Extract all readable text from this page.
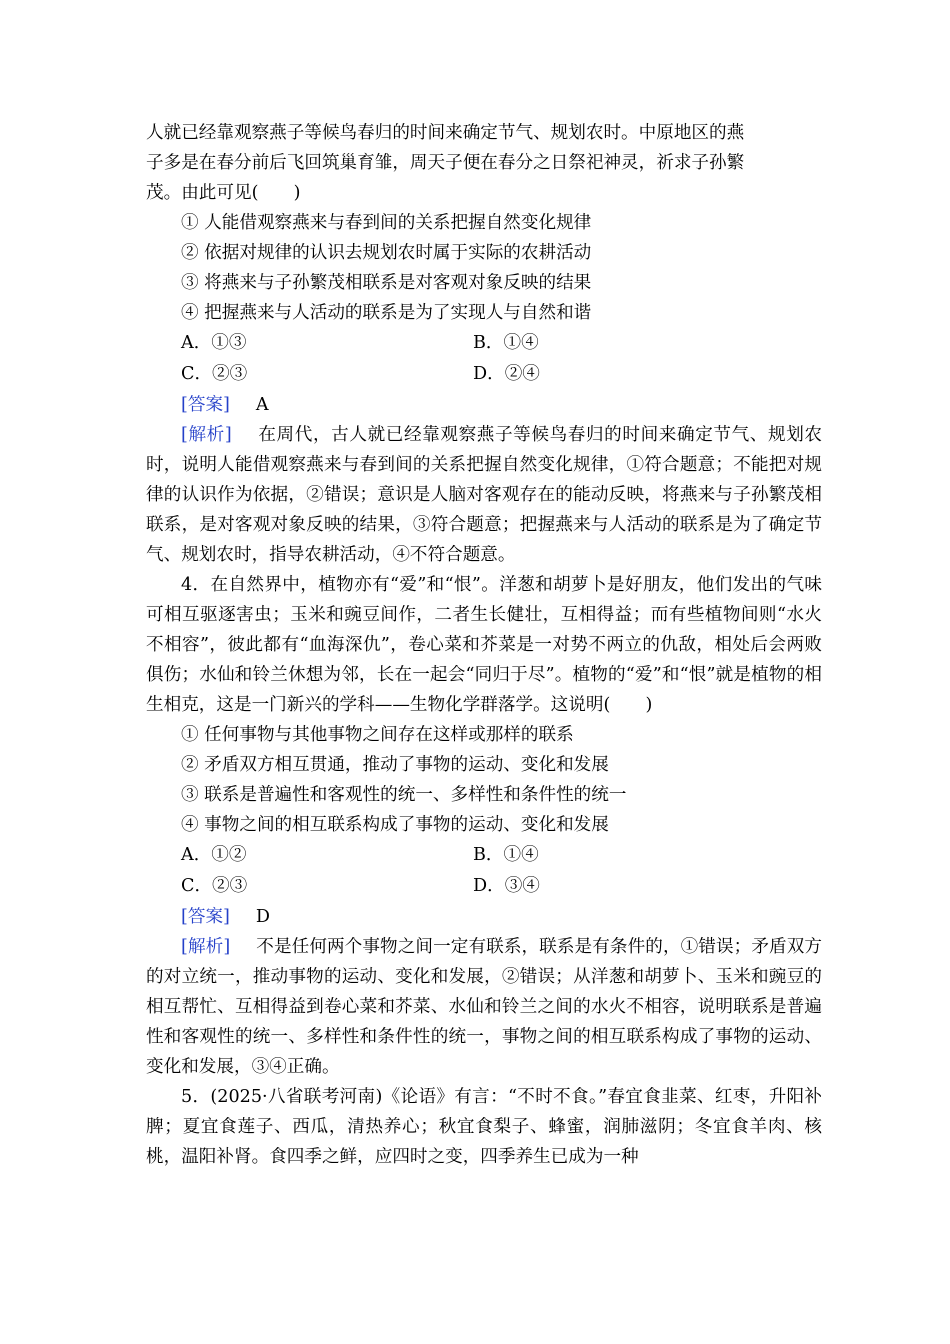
人就已经靠观察燕子等候鸟春归的时间来确定节气、规划农时。中原地区的燕

子多是在春分前后飞回筑巢育雏，周天子便在春分之日祭祀神灵，祈求子孙繁

茂。由此可见(　　)

① 人能借观察燕来与春到间的关系把握自然变化规律

② 依据对规律的认识去规划农时属于实际的农耕活动

③ 将燕来与子孙繁茂相联系是对客观对象反映的结果

④ 把握燕来与人活动的联系是为了实现人与自然和谐

A．①③	B．①④
C．②③	D．②④

[答案] A

[解析] 在周代，古人就已经靠观察燕子等候鸟春归的时间来确定节气、规划农时，说明人能借观察燕来与春到间的关系把握自然变化规律，①符合题意；不能把对规律的认识作为依据，②错误；意识是人脑对客观存在的能动反映，将燕来与子孙繁茂相联系，是对客观对象反映的结果，③符合题意；把握燕来与人活动的联系是为了确定节气、规划农时，指导农耕活动，④不符合题意。

4．在自然界中，植物亦有“爱”和“恨”。洋葱和胡萝卜是好朋友，他们发出的气味可相互驱逐害虫；玉米和豌豆间作，二者生长健壮，互相得益；而有些植物间则“水火不相容”，彼此都有“血海深仇”，卷心菜和芥菜是一对势不两立的仇敌，相处后会两败俱伤；水仙和铃兰休想为邻，长在一起会“同归于尽”。植物的“爱”和“恨”就是植物的相生相克，这是一门新兴的学科——生物化学群落学。这说明(　　)

① 任何事物与其他事物之间存在这样或那样的联系

② 矛盾双方相互贯通，推动了事物的运动、变化和发展

③ 联系是普遍性和客观性的统一、多样性和条件性的统一

④ 事物之间的相互联系构成了事物的运动、变化和发展

A．①②	B．①④
C．②③	D．③④

[答案] D

[解析] 不是任何两个事物之间一定有联系，联系是有条件的，①错误；矛盾双方的对立统一，推动事物的运动、变化和发展，②错误；从洋葱和胡萝卜、玉米和豌豆的相互帮忙、互相得益到卷心菜和芥菜、水仙和铃兰之间的水火不相容，说明联系是普遍性和客观性的统一、多样性和条件性的统一，事物之间的相互联系构成了事物的运动、变化和发展，③④正确。

5．(2025·八省联考河南)《论语》有言：“不时不食。”春宜食韭菜、红枣，升阳补脾；夏宜食莲子、西瓜，清热养心；秋宜食梨子、蜂蜜，润肺滋阴；冬宜食羊肉、核桃，温阳补肾。食四季之鲜，应四时之变，四季养生已成为一种
